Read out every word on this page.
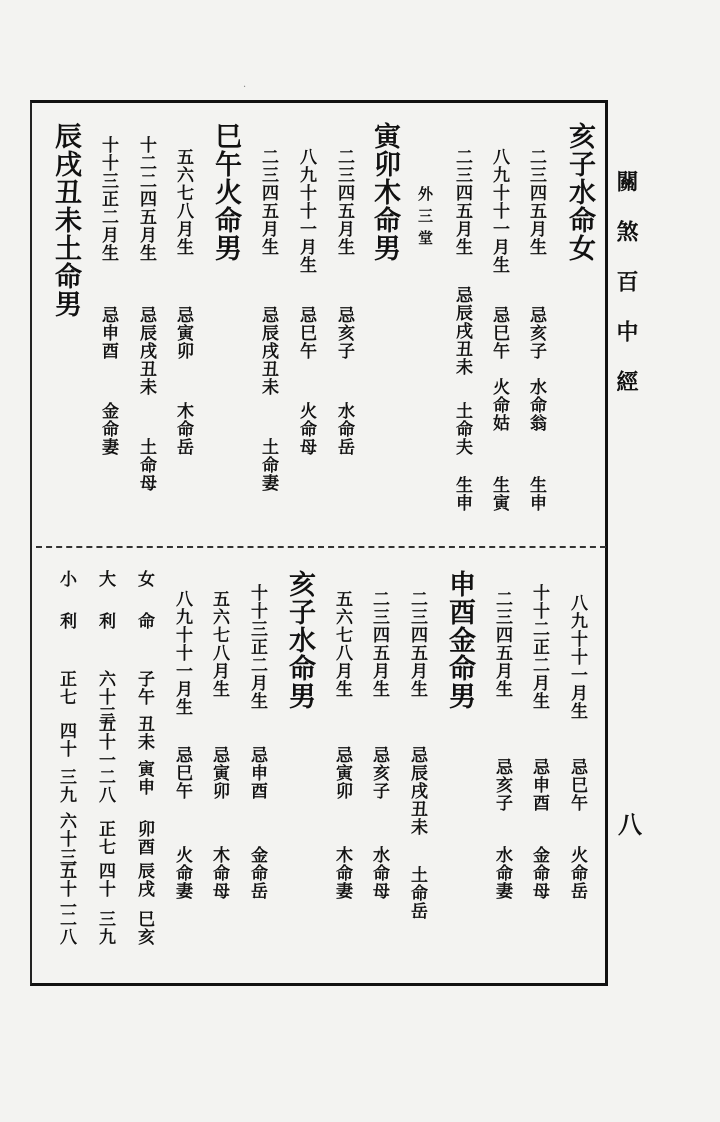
關煞百中經
八
·
亥子水命女
二三四五月生
忌亥子
水命翁
生申
八九十十一月生
忌巳午
火命姑
生寅
二三四五月生
忌辰戌丑未
土命夫
生申
外三堂
寅卯木命男
二三四五月生
忌亥子
水命岳
八九十十一月生
忌巳午
火命母
二三四五月生
忌辰戌丑未
土命妻
巳午火命男
五六七八月生
忌寅卯
木命岳
十二二四五月生
忌辰戌丑未
土命母
十十三正二月生
忌申酉
金命妻
辰戌丑未土命男
八九十十一月生
忌巳午
火命岳
十十二正二月生
忌申酉
金命母
二三四五月生
忌亥子
水命妻
申酉金命男
二三四五月生
忌辰戌丑未
土命岳
二三四五月生
忌亥子
水命母
五六七八月生
忌寅卯
木命妻
亥子水命男
十十三正二月生
忌申酉
金命岳
五六七八月生
忌寅卯
木命母
八九十十一月生
忌巳午
火命妻
女
命
子午
丑未
寅申
卯酉
辰戌
巳亥
大
利
六十三
五十一
二八
正七
四十
三九
小
利
正七
四十
三九
六十三
五十一
二八
